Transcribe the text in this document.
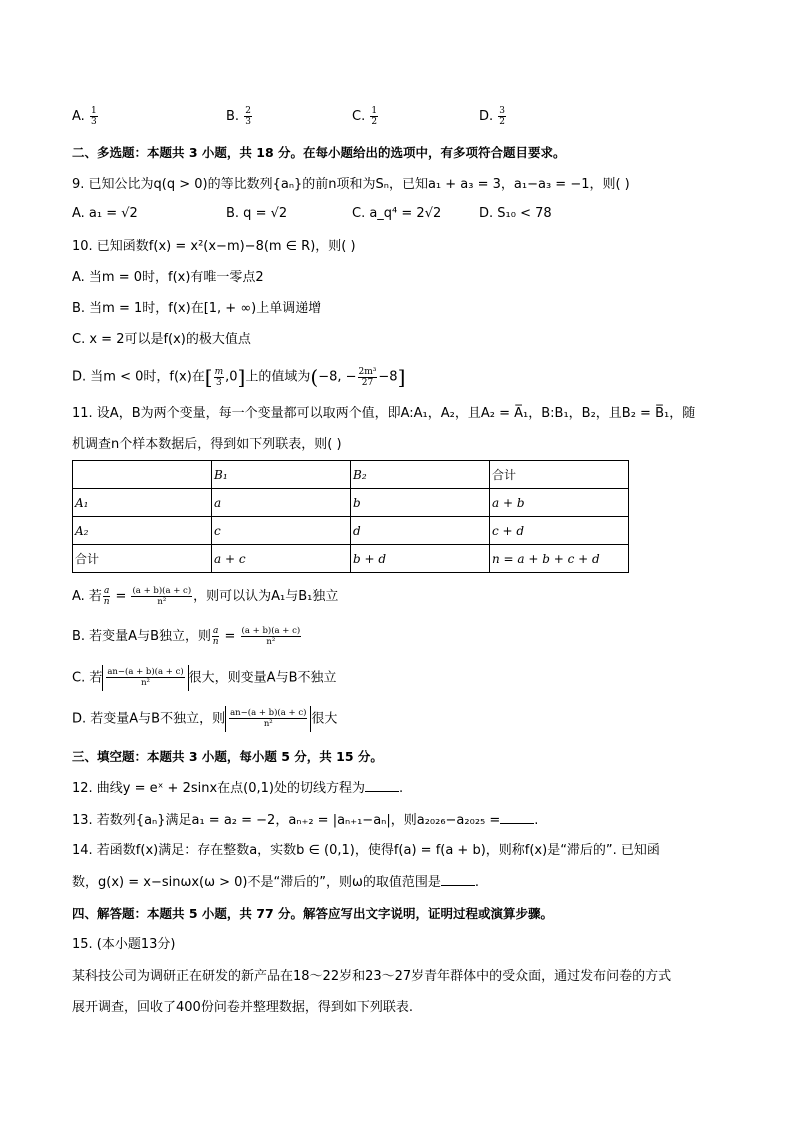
A. $\frac{1}{3}$	B. $\frac{2}{3}$	C. $\frac{1}{2}$	D. $\frac{3}{2}$
二、多选题：本题共 3 小题，共 18 分。在每小题给出的选项中，有多项符合题目要求。
9. 已知公比为q(q > 0)的等比数列{aₙ}的前n项和为Sₙ，已知a₁ + a₃ = 3，a₁−a₃ = −1，则( )
A. a₁ = √2	B. q = √2	C. a_q⁴ = 2√2	D. S₁₀ < 78
10. 已知函数f(x) = x²(x−m)−8(m ∈ R)，则( )
A. 当m = 0时，f(x)有唯一零点2
B. 当m = 1时，f(x)在[1, + ∞)上单调递增
C. x = 2可以是f(x)的极大值点
D. 当m < 0时，f(x)在[ $\frac{m}{3} ,0$]上的值域为(−8, − $\frac{\text{2m³}}{27} -8$]
11. 设A，B为两个变量，每一个变量都可以取两个值，即A:A₁，A₂，且A₂ = A̅₁，B:B₁，B₂，且B₂ = B̅₁，随
机调查n个样本数据后，得到如下列联表，则( )
	B₁	B₂	合计
A₁	a	b	a + b
A₂	c	d	c + d
合计	a + c	b + d	n = a + b + c + d
A. 若 $\frac{a}{n} = \frac{(a + b)(a + c)}{\text{n²}}$ ，则可以认为A₁与B₁独立
B. 若变量A与B独立，则 $\frac{a}{n} = \frac{(a + b)(a + c)}{\text{n²}}$
C. 若 $\frac{an-(a + b)(a + c)}{\text{n²}}$ 很大，则变量A与B不独立
D. 若变量A与B不独立，则 $\frac{an-(a + b)(a + c)}{\text{n²}}$ 很大
三、填空题：本题共 3 小题，每小题 5 分，共 15 分。
12. 曲线y = eˣ + 2sinx在点(0,1)处的切线方程为	.
13. 若数列{aₙ}满足a₁ = a₂ = −2，aₙ₊₂ = |aₙ₊₁−aₙ|，则a₂₀₂₆−a₂₀₂₅ =	.
14. 若函数f(x)满足：存在整数a，实数b ∈ (0,1)，使得f(a) = f(a + b)，则称f(x)是“滞后的”. 已知函
数，g(x) = x−sinωx(ω > 0)不是“滞后的”，则ω的取值范围是	.
四、解答题：本题共 5 小题，共 77 分。解答应写出文字说明，证明过程或演算步骤。
15. (本小题13分)
某科技公司为调研正在研发的新产品在18～22岁和23～27岁青年群体中的受众面，通过发布问卷的方式
展开调查，回收了400份问卷并整理数据，得到如下列联表.
